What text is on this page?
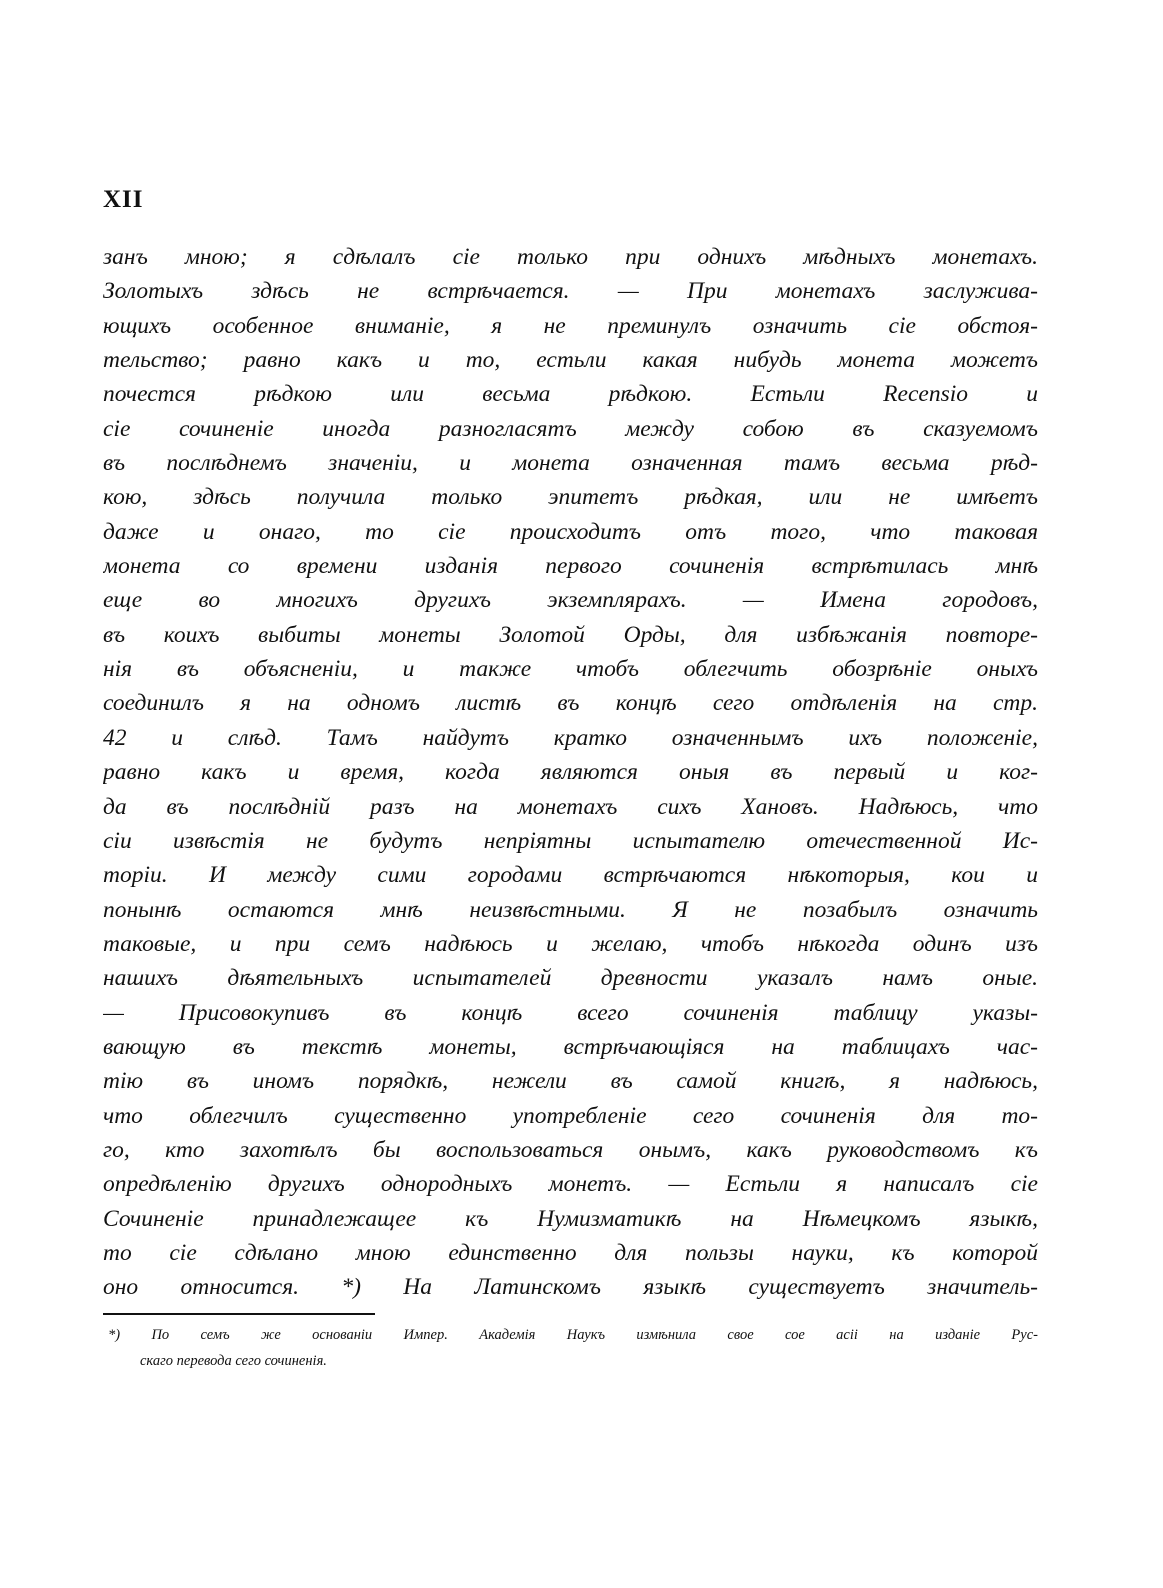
XII
занъ мною; я сдѣлалъ сіе только при однихъ мѣдныхъ монетахъ.
Золотыхъ здѣсь не встрѣчается. — При монетахъ заслужива-
ющихъ особенное вниманіе, я не преминулъ означить сіе обстоя-
тельство; равно какъ и то, естьли какая нибудь монета можетъ
почестся рѣдкою или весьма рѣдкою. Естьли Recensio и
сіе сочиненіе иногда разногласятъ между собою въ сказуемомъ
въ послѣднемъ значеніи, и монета означенная тамъ весьма рѣд-
кою, здѣсь получила только эпитетъ рѣдкая, или не имѣетъ
даже и онаго, то сіе происходитъ отъ того, что таковая
монета со времени изданія первого сочиненія встрѣтилась мнѣ
еще во многихъ другихъ экземплярахъ. — Имена городовъ,
въ коихъ выбиты монеты Золотой Орды, для избѣжанія повторе-
нія въ объясненіи, и также чтобъ облегчить обозрѣніе оныхъ
соединилъ я на одномъ листѣ въ концѣ сего отдѣленія на стр.
42 и слѣд. Тамъ найдутъ кратко означеннымъ ихъ положеніе,
равно какъ и время, когда являются оныя въ первый и ког-
да въ послѣдній разъ на монетахъ сихъ Хановъ. Надѣюсь, что
сіи извѣстія не будутъ непріятны испытателю отечественной Ис-
торіи. И между сими городами встрѣчаются нѣкоторыя, кои и
понынѣ остаются мнѣ неизвѣстными. Я не позабылъ означить
таковые, и при семъ надѣюсь и желаю, чтобъ нѣкогда одинъ изъ
нашихъ дѣятельныхъ испытателей древности указалъ намъ оные.
— Присовокупивъ въ концѣ всего сочиненія таблицу указы-
вающую въ текстѣ монеты, встрѣчающіяся на таблицахъ час-
тію въ иномъ порядкѣ, нежели въ самой книгѣ, я надѣюсь,
что облегчилъ существенно употребленіе сего сочиненія для то-
го, кто захотѣлъ бы воспользоваться онымъ, какъ руководствомъ къ
опредѣленію другихъ однородныхъ монетъ. — Естьли я написалъ сіе
Сочиненіе принадлежащее къ Нумизматикѣ на Нѣмецкомъ языкѣ,
то сіе сдѣлано мною единственно для пользы науки, къ которой
оно относится. *) На Латинскомъ языкѣ существуетъ значитель-
*) По семъ же основаніи Импер. Академія Наукъ измѣнила свое сое асіі на изданіе Рус-
скаго перевода сего сочиненія.
